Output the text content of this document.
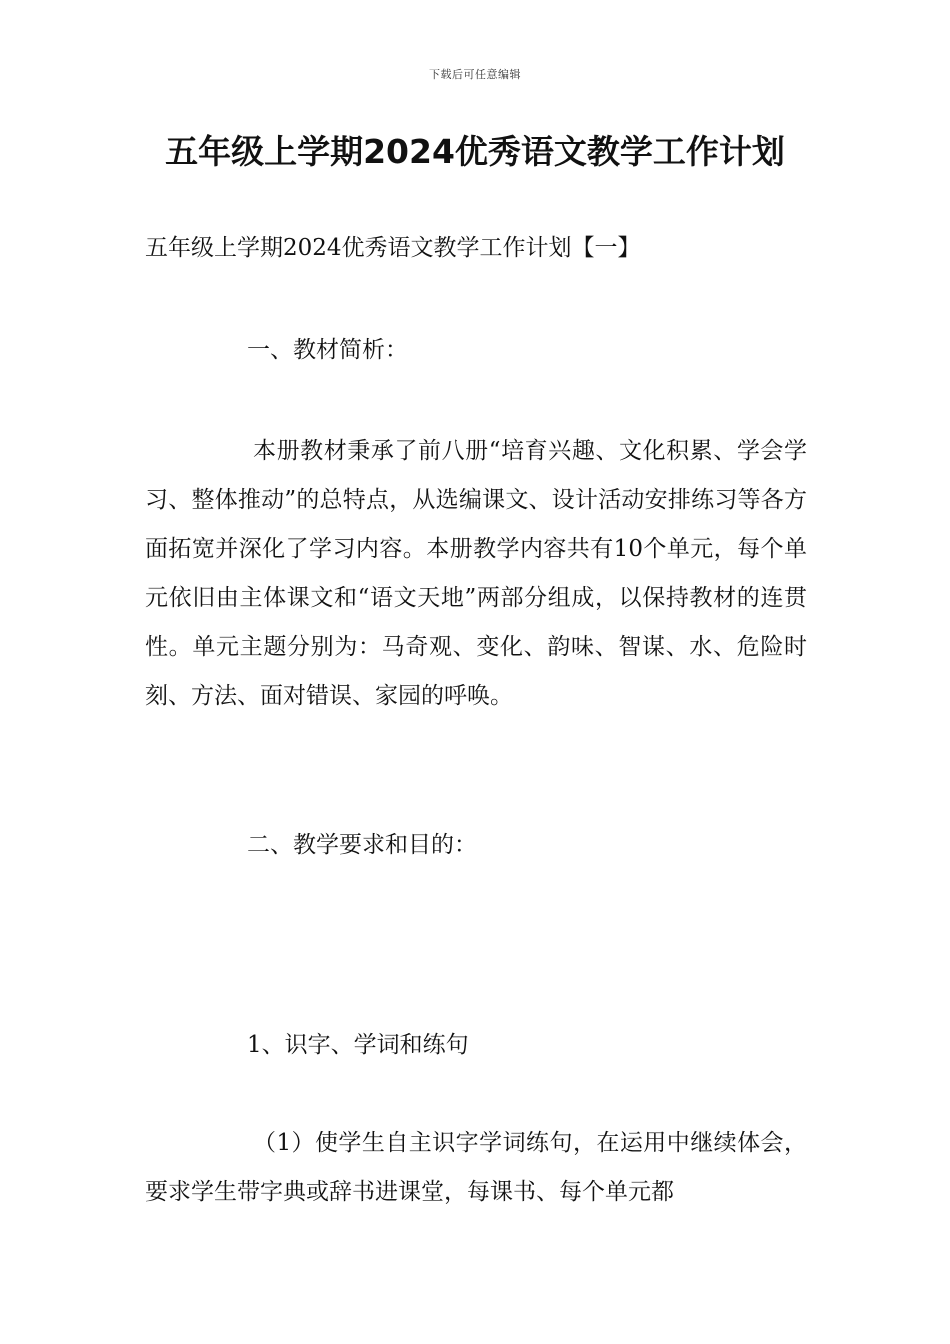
下载后可任意编辑
五年级上学期2024优秀语文教学工作计划

五年级上学期2024优秀语文教学工作计划【一】

一、教材简析：

本册教材秉承了前八册“培育兴趣、文化积累、学会学习、整体推动”的总特点，从选编课文、设计活动安排练习等各方面拓宽并深化了学习内容。本册教学内容共有10个单元，每个单元依旧由主体课文和“语文天地”两部分组成，以保持教材的连贯性。单元主题分别为：马奇观、变化、韵味、智谋、水、危险时刻、方法、面对错误、家园的呼唤。

二、教学要求和目的：

1、识字、学词和练句

（1）使学生自主识字学词练句，在运用中继续体会，要求学生带字典或辞书进课堂，每课书、每个单元都
